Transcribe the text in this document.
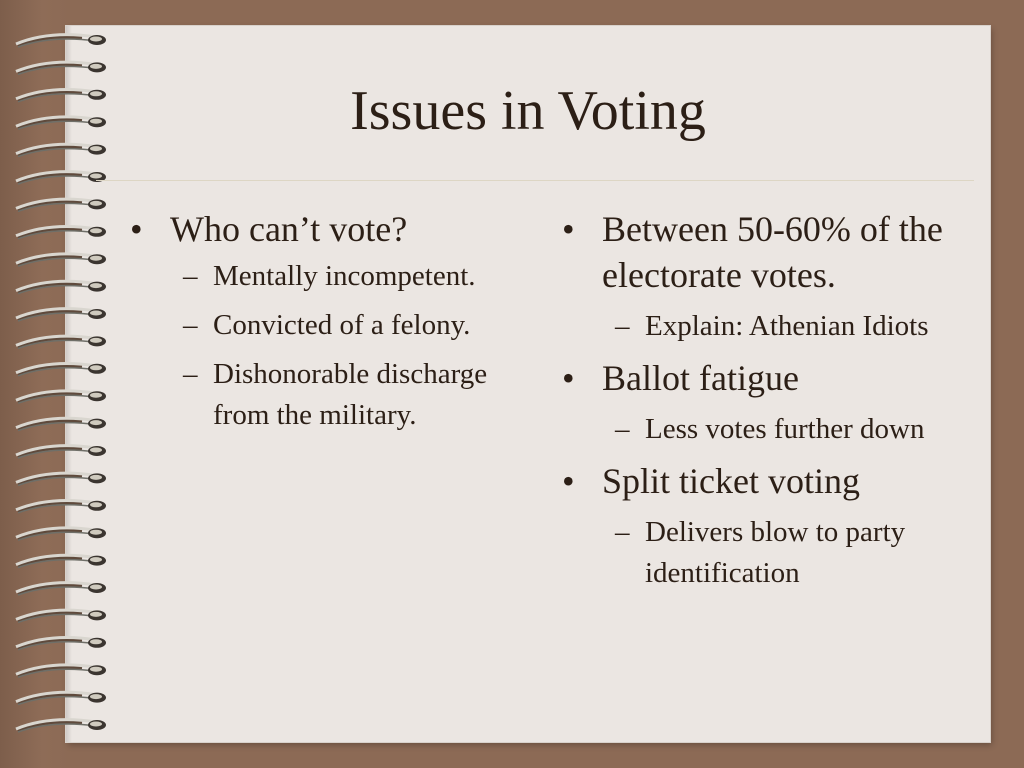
Issues in Voting
• Who can’t vote?
– Mentally incompetent.
– Convicted of a felony.
– Dishonorable discharge from the military.
• Between 50-60% of the electorate votes.
– Explain: Athenian Idiots
• Ballot fatigue
– Less votes further down
• Split ticket voting
– Delivers blow to party identification
